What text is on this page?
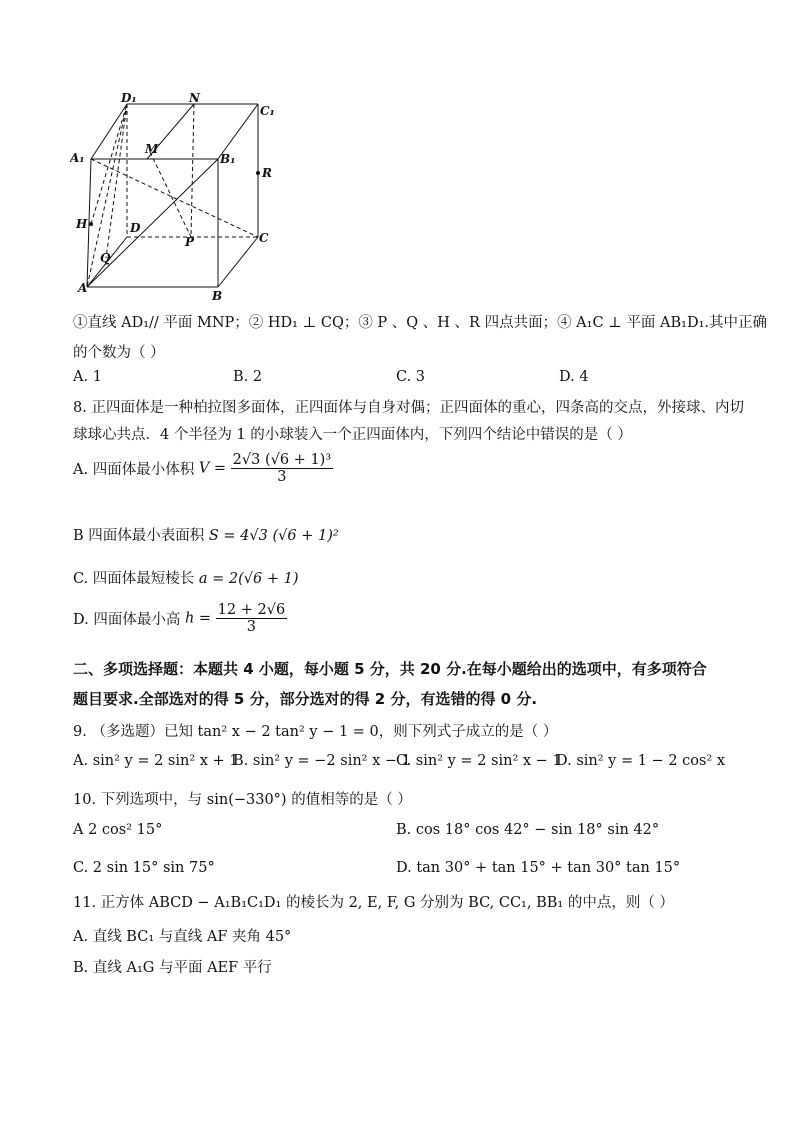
D₁	N
C₁
A₁
M
B₁
R
H	D
P	C
Q
A
B
①直线 AD₁// 平面 MNP；② HD₁ ⊥ CQ；③ P 、Q 、H 、R 四点共面；④ A₁C ⊥ 平面 AB₁D₁.其中正确
的个数为（ ）
A. 1	B. 2	C. 3	D. 4
8. 正四面体是一种柏拉图多面体，正四面体与自身对偶；正四面体的重心，四条高的交点，外接球、内切
球球心共点．4 个半径为 1 的小球装入一个正四面体内，下列四个结论中错误的是（ ）
A. 四面体最小体积 $V = \frac{\text{2√3 (√6 + 1)³}}{3}$
B 四面体最小表面积 S = 4√3 (√6 + 1)²
C. 四面体最短棱长 a = 2(√6 + 1)
D. 四面体最小高 $h = \frac{12 + 2√6}{3}$
二、多项选择题：本题共 4 小题，每小题 5 分，共 20 分.在每小题给出的选项中，有多项符合
题目要求.全部选对的得 5 分，部分选对的得 2 分，有选错的得 0 分.
9. （多选题）已知 tan² x − 2 tan² y − 1 = 0，则下列式子成立的是（ ）
A. sin² y = 2 sin² x + 1
B. sin² y = −2 sin² x − 1
C. sin² y = 2 sin² x − 1
D. sin² y = 1 − 2 cos² x
10. 下列选项中，与 sin(−330°) 的值相等的是（ ）
A 2 cos² 15°	B. cos 18° cos 42° − sin 18° sin 42°
C. 2 sin 15° sin 75°	D. tan 30° + tan 15° + tan 30° tan 15°
11. 正方体 ABCD − A₁B₁C₁D₁ 的棱长为 2, E, F, G 分别为 BC, CC₁, BB₁ 的中点，则（ ）
A. 直线 BC₁ 与直线 AF 夹角 45°
B. 直线 A₁G 与平面 AEF 平行
